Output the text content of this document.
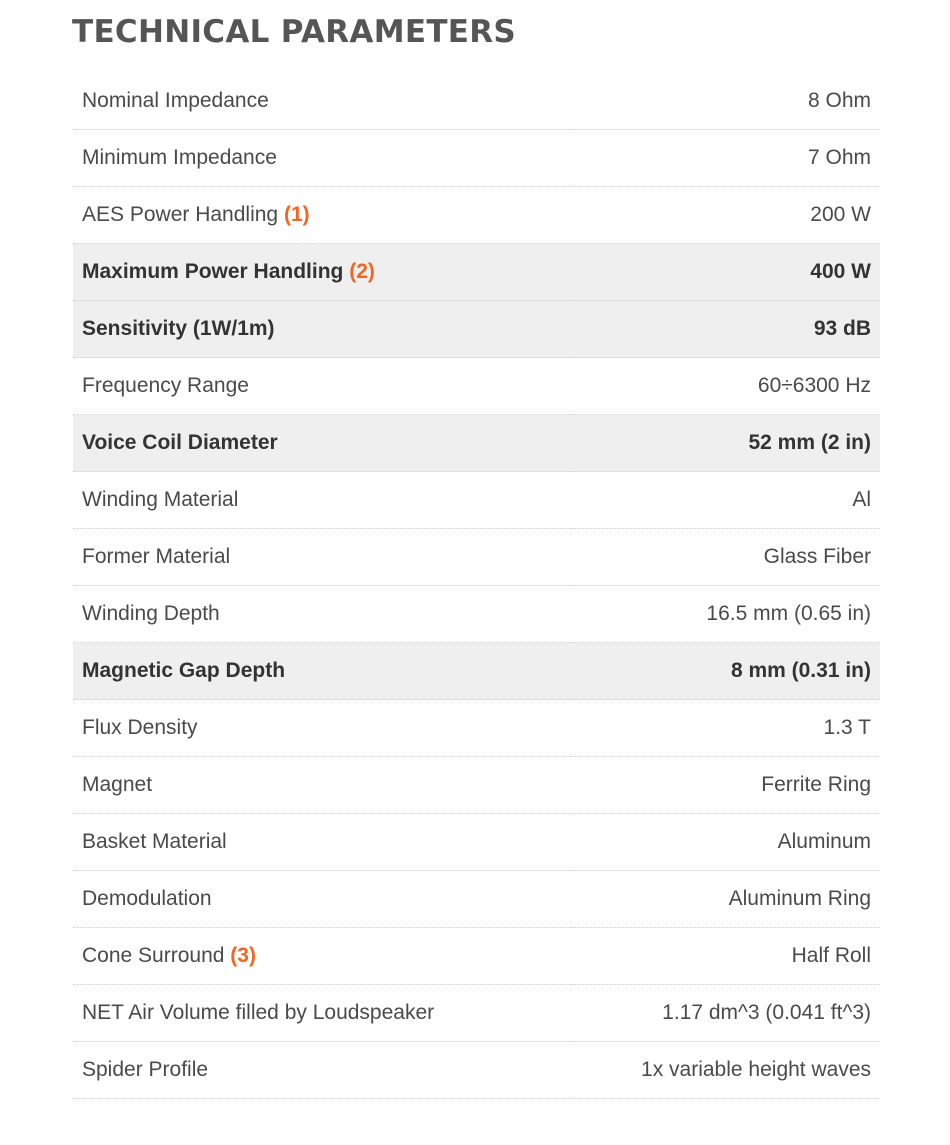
TECHNICAL PARAMETERS
Nominal Impedance	8 Ohm
Minimum Impedance	7 Ohm
AES Power Handling (1)	200 W
Maximum Power Handling (2)	400 W
Sensitivity (1W/1m)	93 dB
Frequency Range	60÷6300 Hz
Voice Coil Diameter	52 mm (2 in)
Winding Material	Al
Former Material	Glass Fiber
Winding Depth	16.5 mm (0.65 in)
Magnetic Gap Depth	8 mm (0.31 in)
Flux Density	1.3 T
Magnet	Ferrite Ring
Basket Material	Aluminum
Demodulation	Aluminum Ring
Cone Surround (3)	Half Roll
NET Air Volume filled by Loudspeaker	1.17 dm^3 (0.041 ft^3)
Spider Profile	1x variable height waves
